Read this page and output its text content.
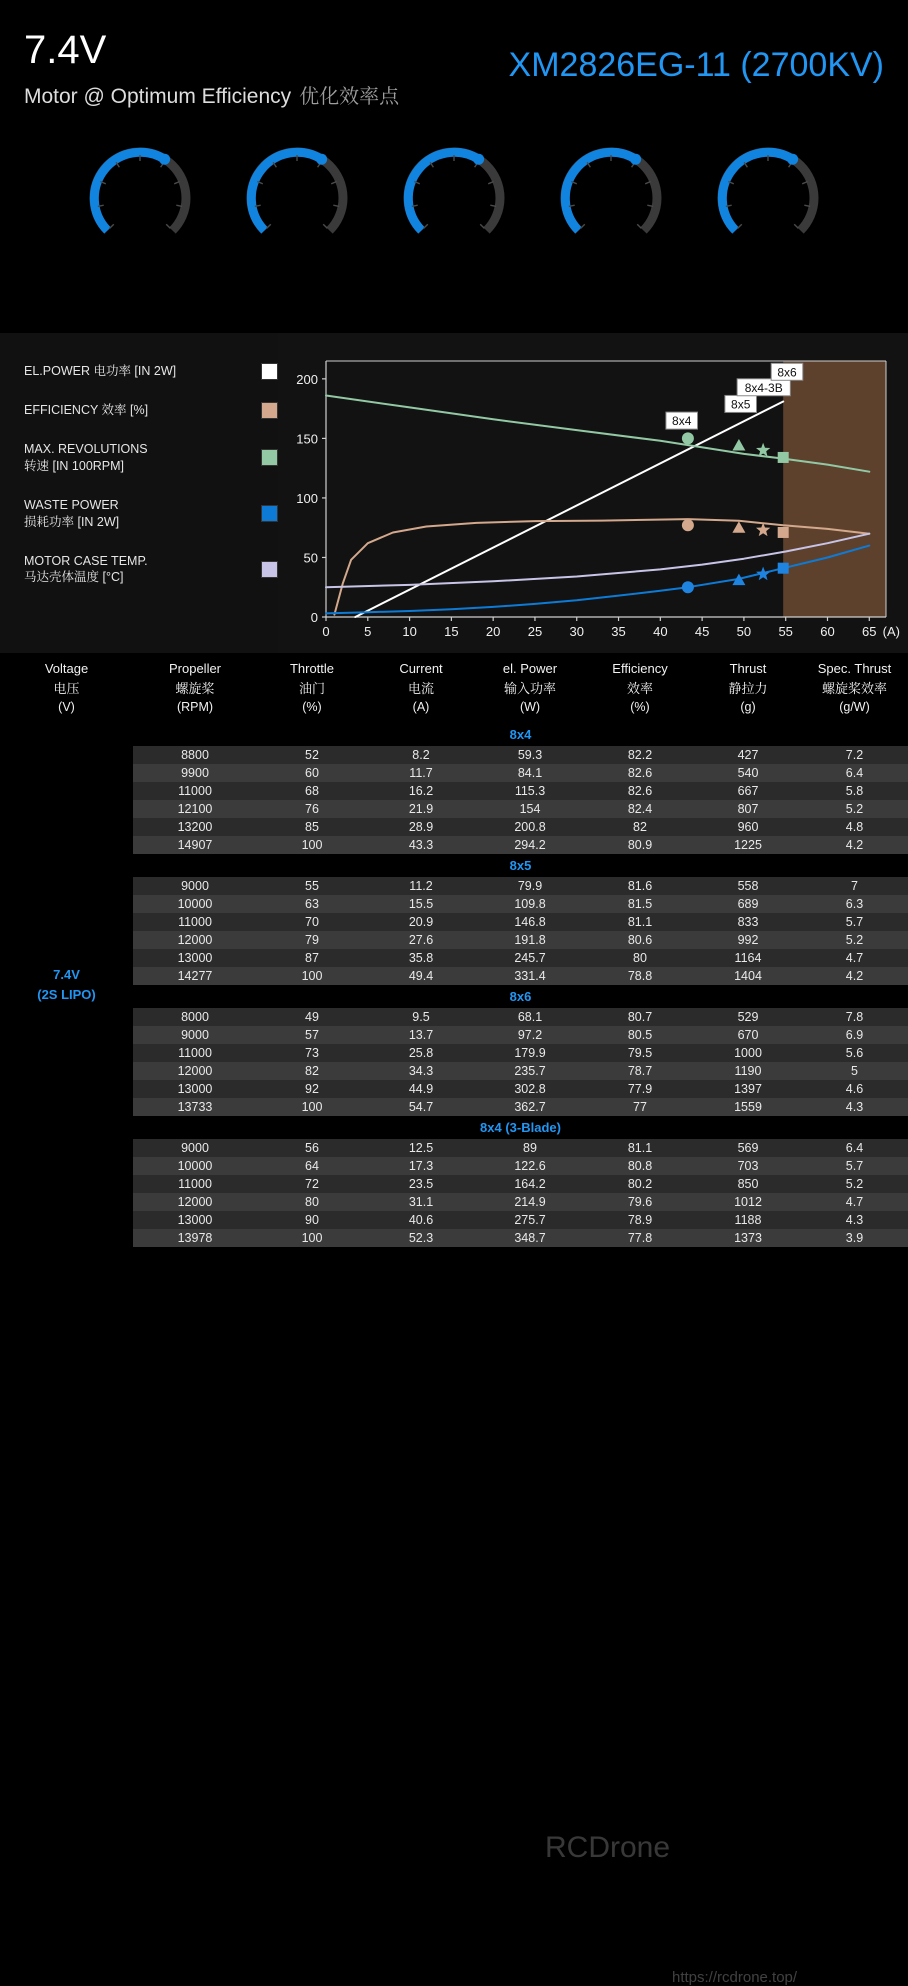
7.4V	XM2826EG-11 (2700KV)
Motor @ Optimum Efficiency 优化效率点
EL.POWER 电功率 [IN 2W]
EFFICIENCY 效率 [%]
MAX. REVOLUTIONS
转速 [IN 100RPM]
WASTE POWER
损耗功率 [IN 2W]
MOTOR CASE TEMP.
马达壳体温度 [°C]
0
50
100
150
200
0	5 10 15 20 25 30 35 40 45 50 55 60 65 (A)
8x4
8x5
8x4-3B
8x6
Voltage
电压
(V)	Propeller
螺旋桨
(RPM)	Throttle
油门
(%)	Current
电流
(A)	el. Power
输入功率
(W)	Efficiency
效率
(%)	Thrust
静拉力
(g)	Spec. Thrust
螺旋桨效率
(g/W)

7.4V
(2S LIPO)	8x4						
	8800	52	8.2	59.3	82.2	427	7.2
	9900	60	11.7	84.1	82.6	540	6.4
	11000	68	16.2	115.3	82.6	667	5.8
	12100	76	21.9	154	82.4	807	5.2
	13200	85	28.9	200.8	82	960	4.8
	14907	100	43.3	294.2	80.9	1225	4.2
	8x5						
	9000	55	11.2	79.9	81.6	558	7
	10000	63	15.5	109.8	81.5	689	6.3
	11000	70	20.9	146.8	81.1	833	5.7
	12000	79	27.6	191.8	80.6	992	5.2
	13000	87	35.8	245.7	80	1164	4.7
	14277	100	49.4	331.4	78.8	1404	4.2
	8x6						
	8000	49	9.5	68.1	80.7	529	7.8
	9000	57	13.7	97.2	80.5	670	6.9
	11000	73	25.8	179.9	79.5	1000	5.6
	12000	82	34.3	235.7	78.7	1190	5
	13000	92	44.9	302.8	77.9	1397	4.6
	13733	100	54.7	362.7	77	1559	4.3
	8x4 (3-Blade)						
	9000	56	12.5	89	81.1	569	6.4
	10000	64	17.3	122.6	80.8	703	5.7
	11000	72	23.5	164.2	80.2	850	5.2
	12000	80	31.1	214.9	79.6	1012	4.7
	13000	90	40.6	275.7	78.9	1188	4.3
	13978	100	52.3	348.7	77.8	1373	3.9
RCDrone
https://rcdrone.top/
